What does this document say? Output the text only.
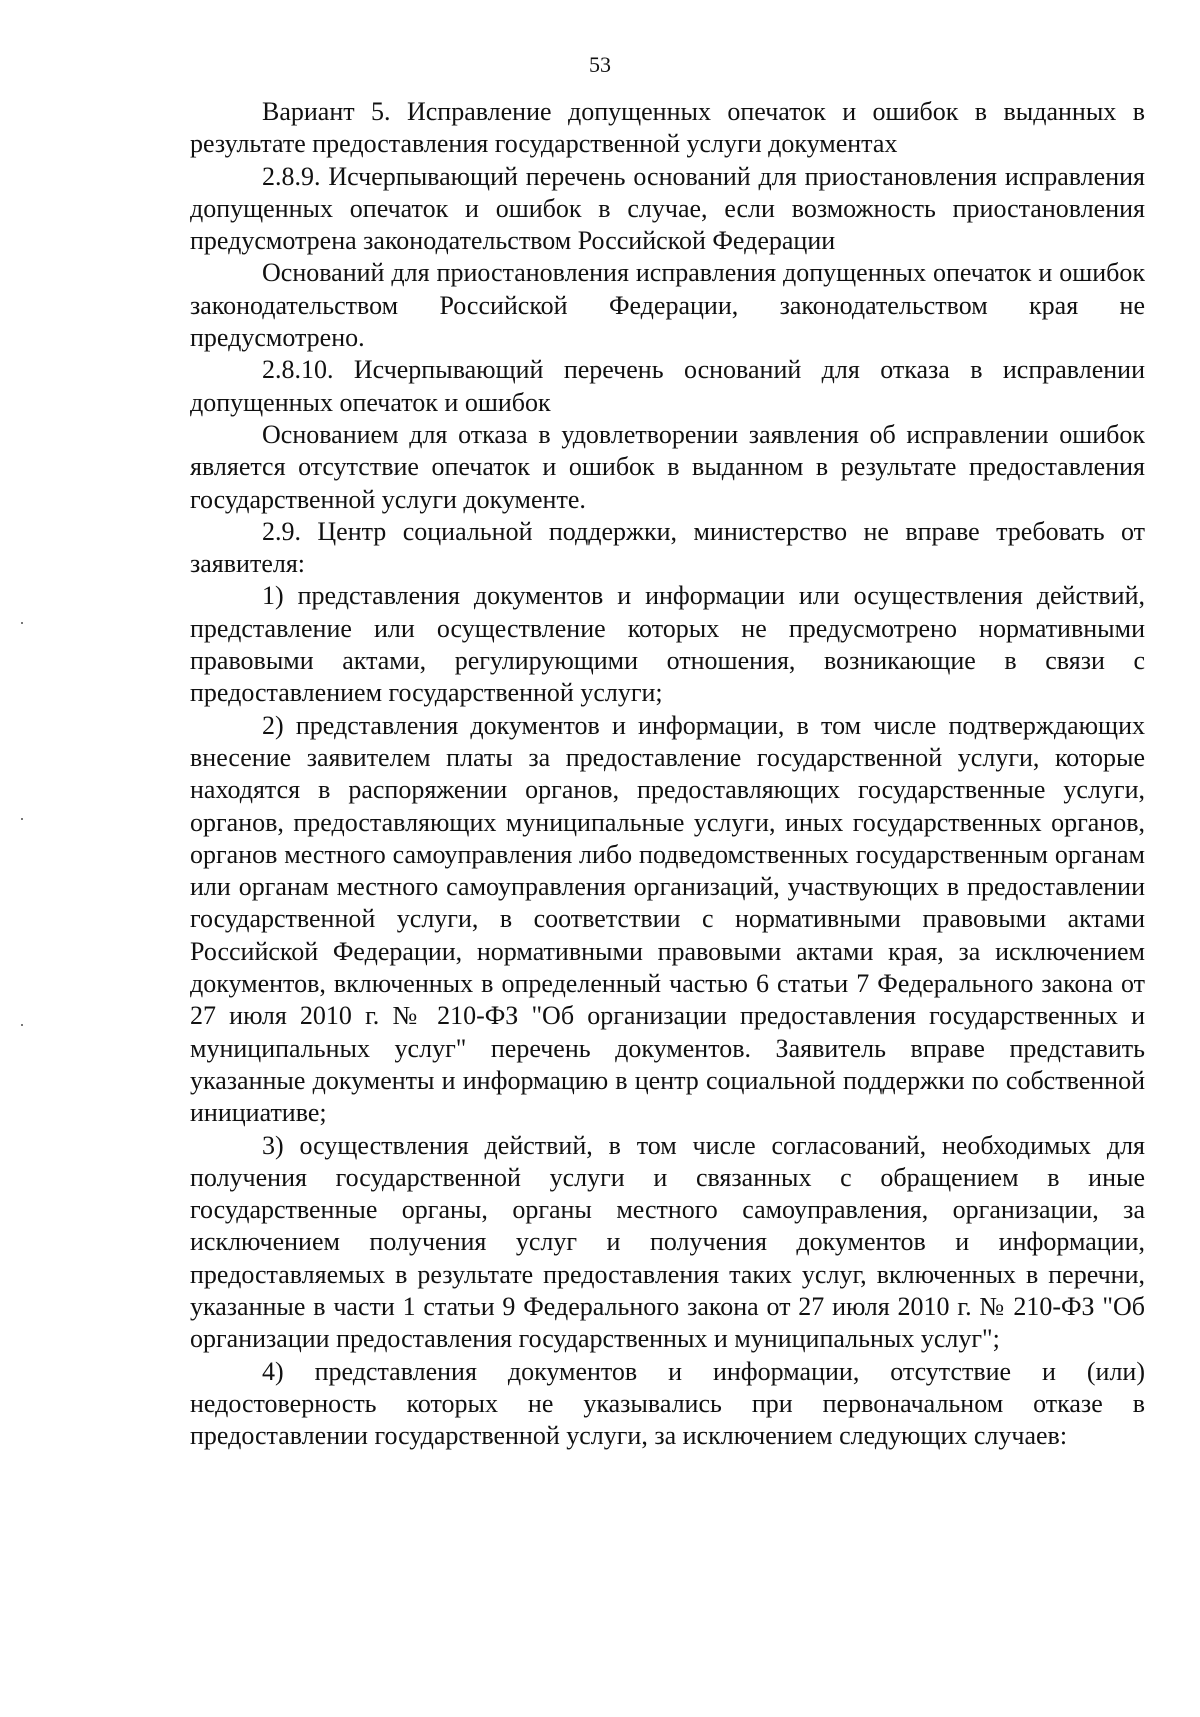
53

Вариант 5. Исправление допущенных опечаток и ошибок в выданных в результате предоставления государственной услуги документах

2.8.9. Исчерпывающий перечень оснований для приостановления исправления допущенных опечаток и ошибок в случае, если возможность приостановления предусмотрена законодательством Российской Федерации

Оснований для приостановления исправления допущенных опечаток и ошибок законодательством Российской Федерации, законодательством края не предусмотрено.

2.8.10. Исчерпывающий перечень оснований для отказа в исправлении допущенных опечаток и ошибок

Основанием для отказа в удовлетворении заявления об исправлении ошибок является отсутствие опечаток и ошибок в выданном в результате предоставления государственной услуги документе.

2.9. Центр социальной поддержки, министерство не вправе требовать от заявителя:

1) представления документов и информации или осуществления действий, представление или осуществление которых не предусмотрено нормативными правовыми актами, регулирующими отношения, возникающие в связи с предоставлением государственной услуги;

2) представления документов и информации, в том числе подтверждающих внесение заявителем платы за предоставление государственной услуги, которые находятся в распоряжении органов, предоставляющих государственные услуги, органов, предоставляющих муниципальные услуги, иных государственных органов, органов местного самоуправления либо подведомственных государственным органам или органам местного самоуправления организаций, участвующих в предоставлении государственной услуги, в соответствии с нормативными правовыми актами Российской Федерации, нормативными правовыми актами края, за исключением документов, включенных в определенный частью 6 статьи 7 Федерального закона от 27 июля 2010 г. № 210-ФЗ "Об организации предоставления государственных и муниципальных услуг" перечень документов. Заявитель вправе представить указанные документы и информацию в центр социальной поддержки по собственной инициативе;

3) осуществления действий, в том числе согласований, необходимых для получения государственной услуги и связанных с обращением в иные государственные органы, органы местного самоуправления, организации, за исключением получения услуг и получения документов и информации, предоставляемых в результате предоставления таких услуг, включенных в перечни, указанные в части 1 статьи 9 Федерального закона от 27 июля 2010 г. № 210-ФЗ "Об организации предоставления государственных и муниципальных услуг";

4) представления документов и информации, отсутствие и (или) недостоверность которых не указывались при первоначальном отказе в предоставлении государственной услуги, за исключением следующих случаев:
